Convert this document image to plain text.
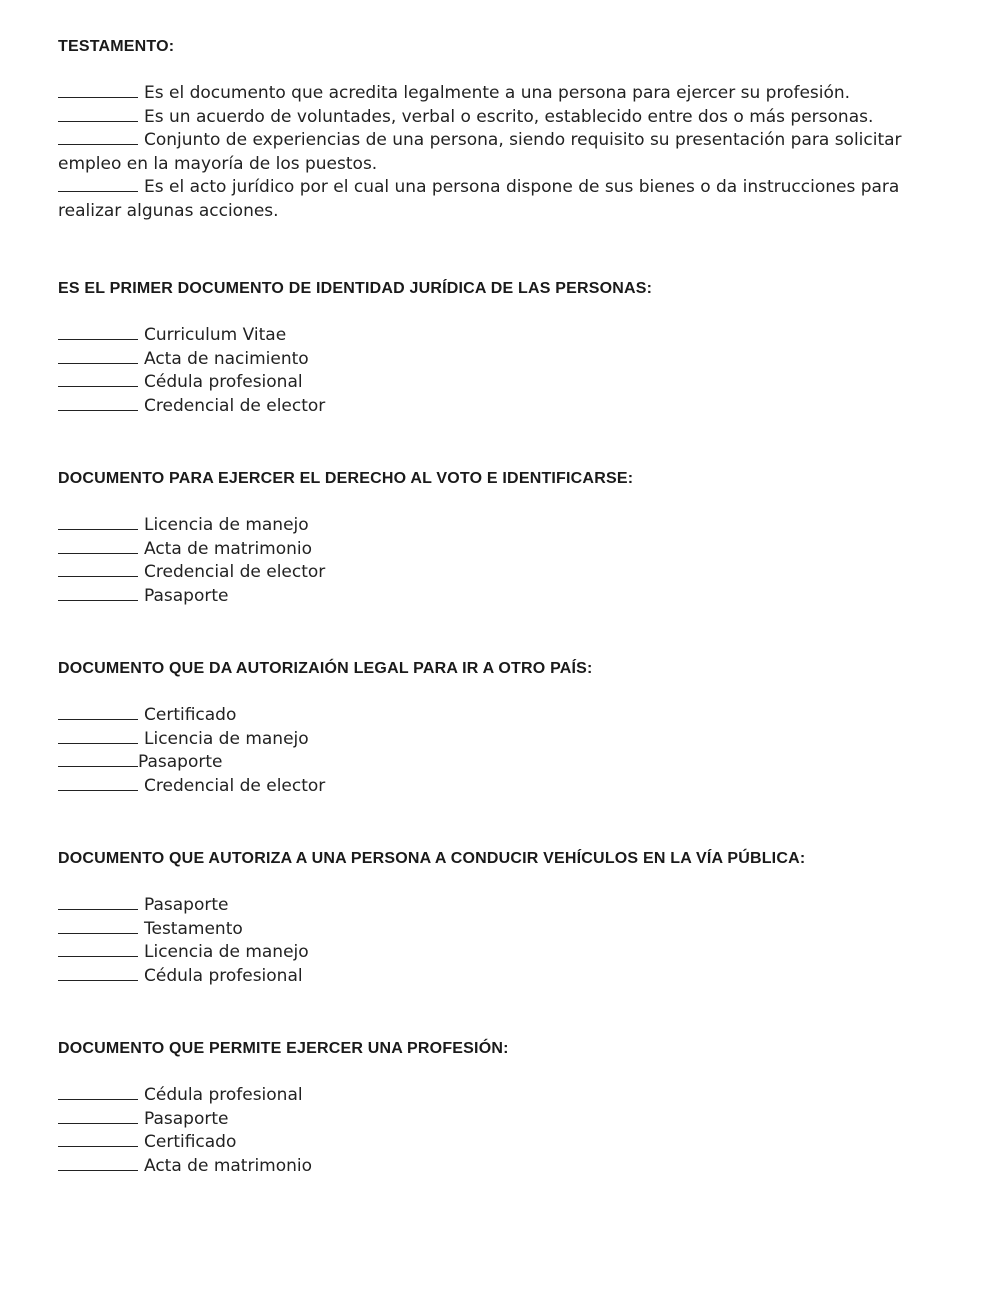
TESTAMENTO:
Es el documento que acredita legalmente a una persona para ejercer su profesión.
Es un acuerdo de voluntades, verbal o escrito, establecido entre dos o más personas.
Conjunto de experiencias de una persona, siendo requisito su presentación para solicitar empleo en la mayoría de los puestos.
Es el acto jurídico por el cual una persona dispone de sus bienes o da instrucciones para realizar algunas acciones.
ES EL PRIMER DOCUMENTO DE IDENTIDAD JURÍDICA DE LAS PERSONAS:
Curriculum Vitae
Acta de nacimiento
Cédula profesional
Credencial de elector
DOCUMENTO PARA EJERCER EL DERECHO AL VOTO E IDENTIFICARSE:
Licencia de manejo
Acta de matrimonio
Credencial de elector
Pasaporte
DOCUMENTO QUE DA AUTORIZAIÓN LEGAL PARA IR A OTRO PAÍS:
Certificado
Licencia de manejo
Pasaporte
Credencial de elector
DOCUMENTO QUE AUTORIZA A UNA PERSONA A CONDUCIR VEHÍCULOS EN LA VÍA PÚBLICA:
Pasaporte
Testamento
Licencia de manejo
Cédula profesional
DOCUMENTO QUE PERMITE EJERCER UNA PROFESIÓN:
Cédula profesional
Pasaporte
Certificado
Acta de matrimonio
